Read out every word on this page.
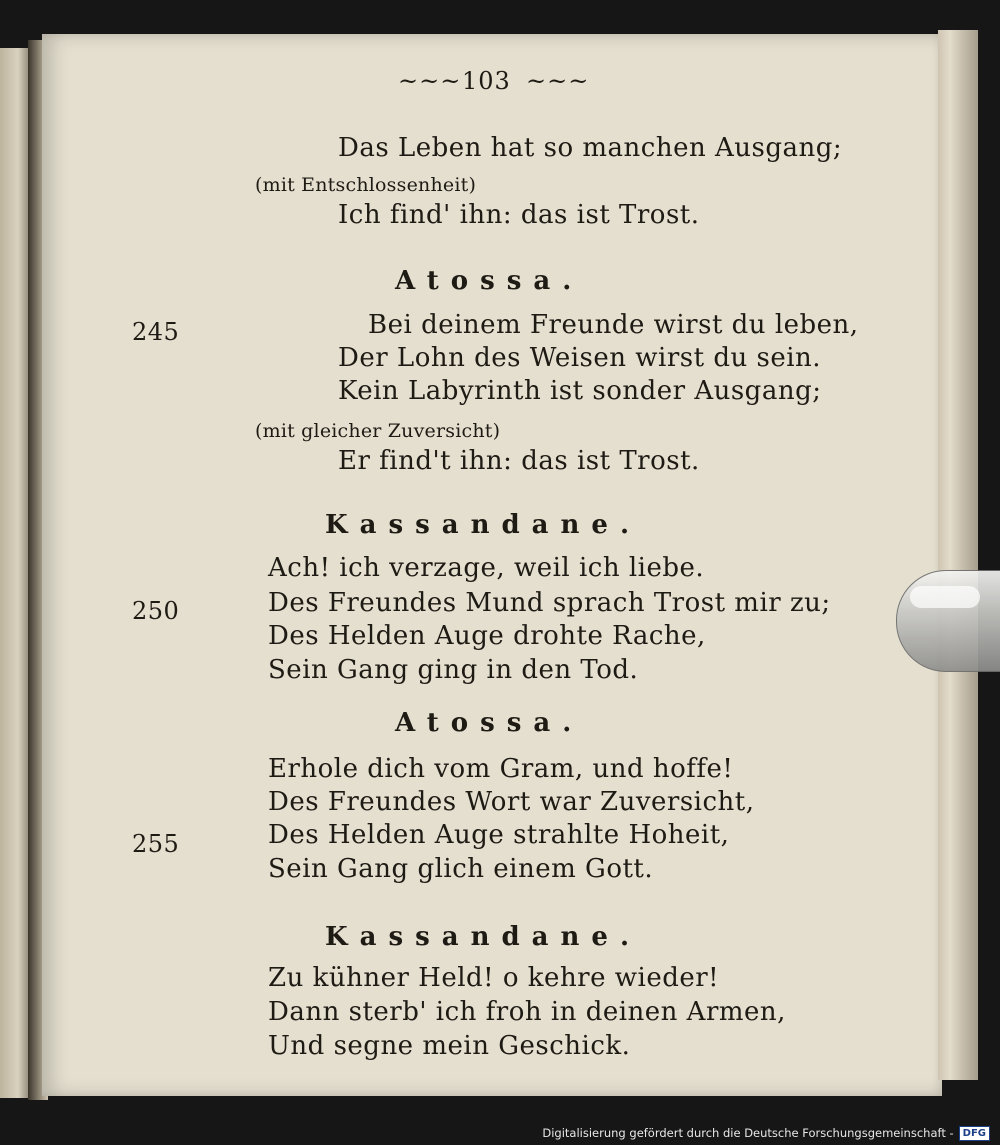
~~~ 103 ~~~
Das Leben hat so manchen Ausgang;
(mit Entschlossenheit)
Ich find' ihn: das ist Trost.
Atossa.
245	Bei deinem Freunde wirst du leben,
Der Lohn des Weisen wirst du sein.
Kein Labyrinth ist sonder Ausgang;
(mit gleicher Zuversicht)
Er find't ihn: das ist Trost.
Kassandane.
Ach! ich verzage, weil ich liebe.
250	Des Freundes Mund sprach Trost mir zu;
Des Helden Auge drohte Rache,
Sein Gang ging in den Tod.
Atossa.
Erhole dich vom Gram, und hoffe!
Des Freundes Wort war Zuversicht,
255	Des Helden Auge strahlte Hoheit,
Sein Gang glich einem Gott.
Kassandane.
Zu kühner Held! o kehre wieder!
Dann sterb' ich froh in deinen Armen,
Und segne mein Geschick.
Digitalisierung gefördert durch die Deutsche Forschungsgemeinschaft - DFG
